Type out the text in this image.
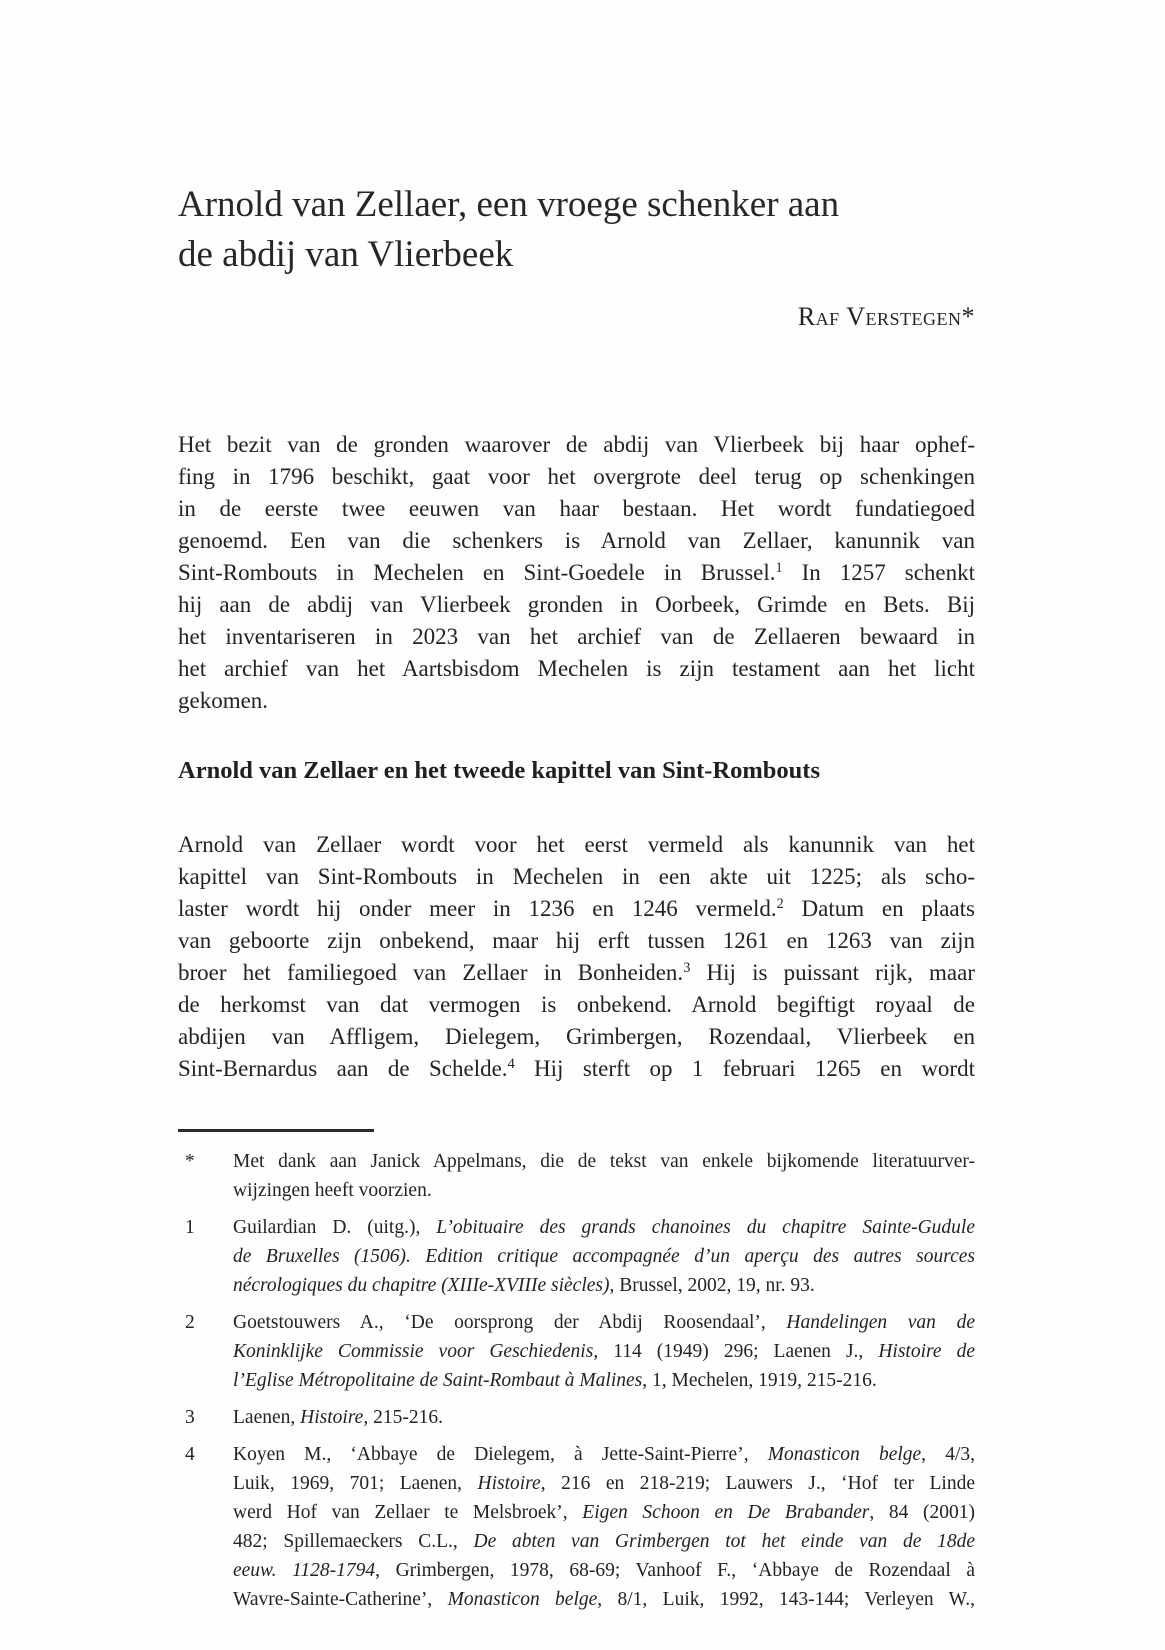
Arnold van Zellaer, een vroege schenker aan
de abdij van Vlierbeek
Raf Verstegen*
Het bezit van de gronden waarover de abdij van Vlierbeek bij haar ophef-
fing in 1796 beschikt, gaat voor het overgrote deel terug op schenkingen
in de eerste twee eeuwen van haar bestaan. Het wordt fundatiegoed
genoemd. Een van die schenkers is Arnold van Zellaer, kanunnik van
Sint-Rombouts in Mechelen en Sint-Goedele in Brussel.$^1$ In 1257 schenkt
hij aan de abdij van Vlierbeek gronden in Oorbeek, Grimde en Bets. Bij
het inventariseren in 2023 van het archief van de Zellaeren bewaard in
het archief van het Aartsbisdom Mechelen is zijn testament aan het licht
gekomen.
Arnold van Zellaer en het tweede kapittel van Sint-Rombouts
Arnold van Zellaer wordt voor het eerst vermeld als kanunnik van het
kapittel van Sint-Rombouts in Mechelen in een akte uit 1225; als scho-
laster wordt hij onder meer in 1236 en 1246 vermeld.$^2$ Datum en plaats
van geboorte zijn onbekend, maar hij erft tussen 1261 en 1263 van zijn
broer het familiegoed van Zellaer in Bonheiden.$^3$ Hij is puissant rijk, maar
de herkomst van dat vermogen is onbekend. Arnold begiftigt royaal de
abdijen van Affligem, Dielegem, Grimbergen, Rozendaal, Vlierbeek en
Sint-Bernardus aan de Schelde.$^4$ Hij sterft op 1 februari 1265 en wordt
* Met dank aan Janick Appelmans, die de tekst van enkele bijkomende literatuurver-
wijzingen heeft voorzien.
1 Guilardian D. (uitg.), L’obituaire des grands chanoines du chapitre Sainte-Gudule
de Bruxelles (1506). Edition critique accompagnée d’un aperçu des autres sources
nécrologiques du chapitre (XIIIe-XVIIIe siècles), Brussel, 2002, 19, nr. 93.
2 Goetstouwers A., ‘De oorsprong der Abdij Roosendaal’, Handelingen van de
Koninklijke Commissie voor Geschiedenis, 114 (1949) 296; Laenen J., Histoire de
l’Eglise Métropolitaine de Saint-Rombaut à Malines, 1, Mechelen, 1919, 215-216.
3 Laenen, Histoire, 215-216.
4 Koyen M., ‘Abbaye de Dielegem, à Jette-Saint-Pierre’, Monasticon belge, 4/3,
Luik, 1969, 701; Laenen, Histoire, 216 en 218-219; Lauwers J., ‘Hof ter Linde
werd Hof van Zellaer te Melsbroek’, Eigen Schoon en De Brabander, 84 (2001)
482; Spillemaeckers C.L., De abten van Grimbergen tot het einde van de 18de
eeuw. 1128-1794, Grimbergen, 1978, 68-69; Vanhoof F., ‘Abbaye de Rozendaal à
Wavre-Sainte-Catherine’, Monasticon belge, 8/1, Luik, 1992, 143-144; Verleyen W.,
